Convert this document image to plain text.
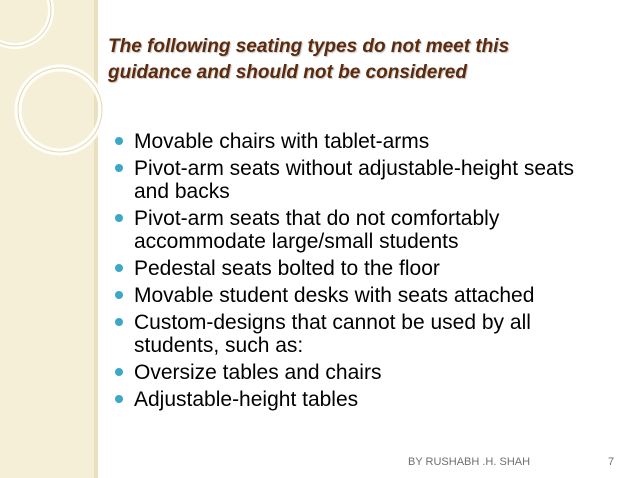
The following seating types do not meet this
guidance and should not be considered
Movable chairs with tablet-arms
Pivot-arm seats without adjustable-height seats and backs
Pivot-arm seats that do not comfortably accommodate large/small students
Pedestal seats bolted to the floor
Movable student desks with seats attached
Custom-designs that cannot be used by all students, such as:
Oversize tables and chairs
Adjustable-height tables
BY RUSHABH .H. SHAH	7
